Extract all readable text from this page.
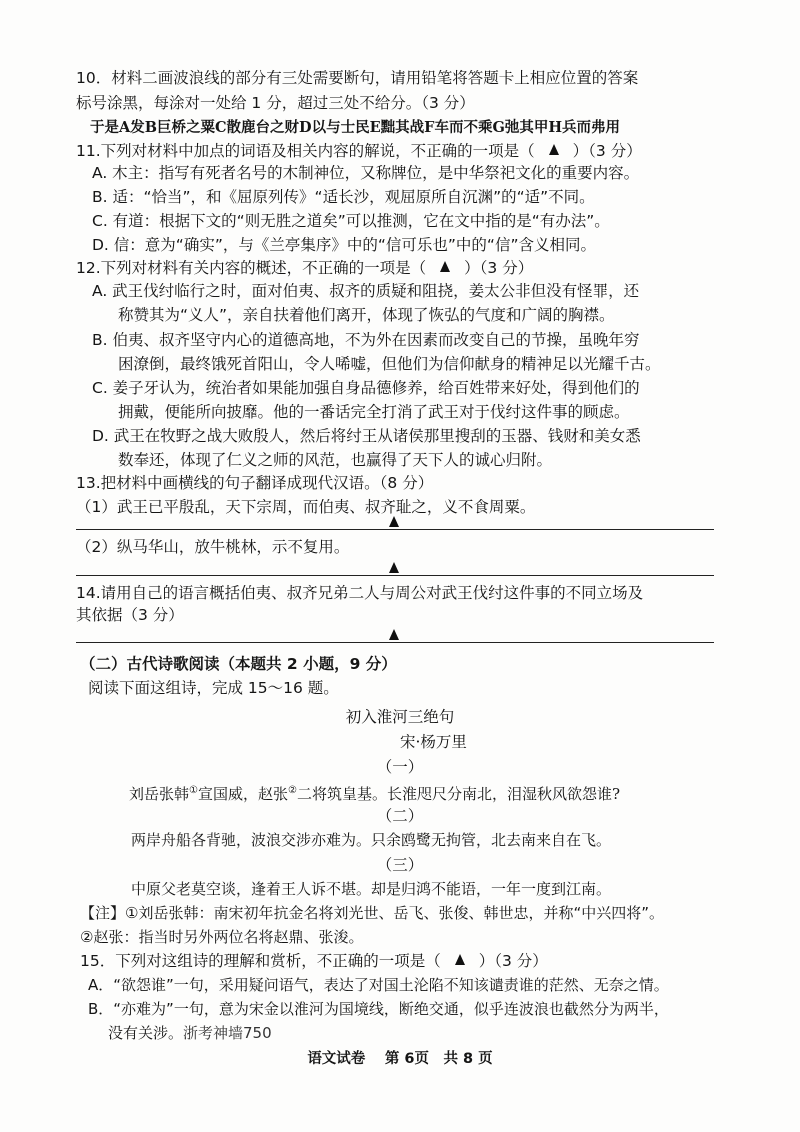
10．材料二画波浪线的部分有三处需要断句，请用铅笔将答题卡上相应位置的答案
标号涂黑，每涂对一处给 1 分，超过三处不给分。（3 分）
于是A发B巨桥之粟C散鹿台之财D以与士民E黜其战F车而不乘G弛其甲H兵而弗用
11.下列对材料中加点的词语及相关内容的解说，不正确的一项是（ ）（3 分）
A. 木主：指写有死者名号的木制神位，又称牌位，是中华祭祀文化的重要内容。
B. 适：“恰当”，和《屈原列传》“适长沙，观屈原所自沉渊”的“适”不同。
C. 有道：根据下文的“则无胜之道矣”可以推测，它在文中指的是“有办法”。
D. 信：意为“确实”，与《兰亭集序》中的“信可乐也”中的“信”含义相同。
12.下列对材料有关内容的概述，不正确的一项是（ ）（3 分）
A. 武王伐纣临行之时，面对伯夷、叔齐的质疑和阻挠，姜太公非但没有怪罪，还
称赞其为“义人”，亲自扶着他们离开，体现了恢弘的气度和广阔的胸襟。
B. 伯夷、叔齐坚守内心的道德高地，不为外在因素而改变自己的节操，虽晚年穷
困潦倒，最终饿死首阳山，令人唏嘘，但他们为信仰献身的精神足以光耀千古。
C. 姜子牙认为，统治者如果能加强自身品德修养，给百姓带来好处，得到他们的
拥戴，便能所向披靡。他的一番话完全打消了武王对于伐纣这件事的顾虑。
D. 武王在牧野之战大败殷人，然后将纣王从诸侯那里搜刮的玉器、钱财和美女悉
数奉还，体现了仁义之师的风范，也赢得了天下人的诚心归附。
13.把材料中画横线的句子翻译成现代汉语。（8 分）
（1）武王已平殷乱，天下宗周，而伯夷、叔齐耻之，义不食周粟。
（2）纵马华山，放牛桃林，示不复用。
14.请用自己的语言概括伯夷、叔齐兄弟二人与周公对武王伐纣这件事的不同立场及
其依据（3 分）
（二）古代诗歌阅读（本题共 2 小题，9 分）
阅读下面这组诗，完成 15～16 题。
初入淮河三绝句
宋·杨万里
（一）
刘岳张韩①宣国威，赵张②二将筑皇基。长淮咫尺分南北，泪湿秋风欲怨谁?
（二）
两岸舟船各背驰，波浪交涉亦难为。只余鸥鹭无拘管，北去南来自在飞。
（三）
中原父老莫空谈，逢着王人诉不堪。却是归鸿不能语，一年一度到江南。
【注】①刘岳张韩：南宋初年抗金名将刘光世、岳飞、张俊、韩世忠，并称“中兴四将”。
②赵张：指当时另外两位名将赵鼎、张浚。
15．下列对这组诗的理解和赏析，不正确的一项是（ ）（3 分）
A．“欲怨谁”一句，采用疑问语气，表达了对国土沦陷不知该谴责谁的茫然、无奈之情。
B．“亦难为”一句，意为宋金以淮河为国境线，断绝交通，似乎连波浪也截然分为两半，
没有关涉。浙考神墙750
语文试卷　 第 6页　共 8 页
